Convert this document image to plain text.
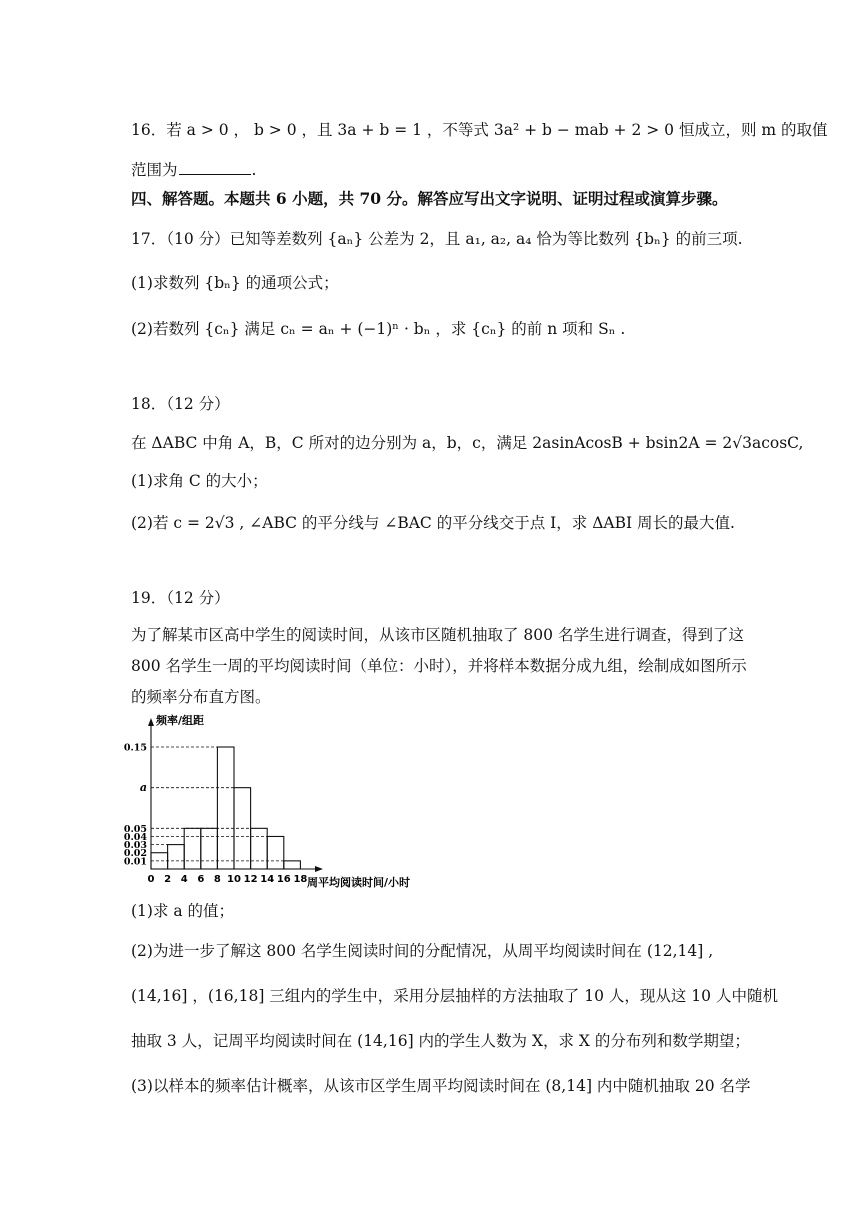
16．若 a > 0 ， b > 0 ，且 3a + b = 1 ，不等式 3a² + b − mab + 2 > 0 恒成立，则 m 的取值
范围为	.
四、解答题。本题共 6 小题，共 70 分。解答应写出文字说明、证明过程或演算步骤。
17．（10 分）已知等差数列 {aₙ} 公差为 2，且 a₁, a₂, a₄ 恰为等比数列 {bₙ} 的前三项.
(1)求数列 {bₙ} 的通项公式；
(2)若数列 {cₙ} 满足 cₙ = aₙ + (−1)ⁿ · bₙ ，求 {cₙ} 的前 n 项和 Sₙ .
18．（12 分）
在 ΔABC 中角 A，B，C 所对的边分别为 a，b，c，满足 2asinAcosB + bsin2A = 2√3acosC,
(1)求角 C 的大小；
(2)若 c = 2√3 , ∠ABC 的平分线与 ∠BAC 的平分线交于点 I，求 ΔABI 周长的最大值.
19．（12 分）
为了解某市区高中学生的阅读时间，从该市区随机抽取了 800 名学生进行调查，得到了这
800 名学生一周的平均阅读时间（单位：小时），并将样本数据分成九组，绘制成如图所示
的频率分布直方图。
0.01
0.02
0.03
0.04
0.05
a
0.15
0 2 4 6 8 10 12 14 16 18
频率/组距
周平均阅读时间/小时
(1)求 a 的值；
(2)为进一步了解这 800 名学生阅读时间的分配情况，从周平均阅读时间在 (12,14] ,
(14,16] ，(16,18] 三组内的学生中，采用分层抽样的方法抽取了 10 人，现从这 10 人中随机
抽取 3 人，记周平均阅读时间在 (14,16] 内的学生人数为 X，求 X 的分布列和数学期望；
(3)以样本的频率估计概率，从该市区学生周平均阅读时间在 (8,14] 内中随机抽取 20 名学
